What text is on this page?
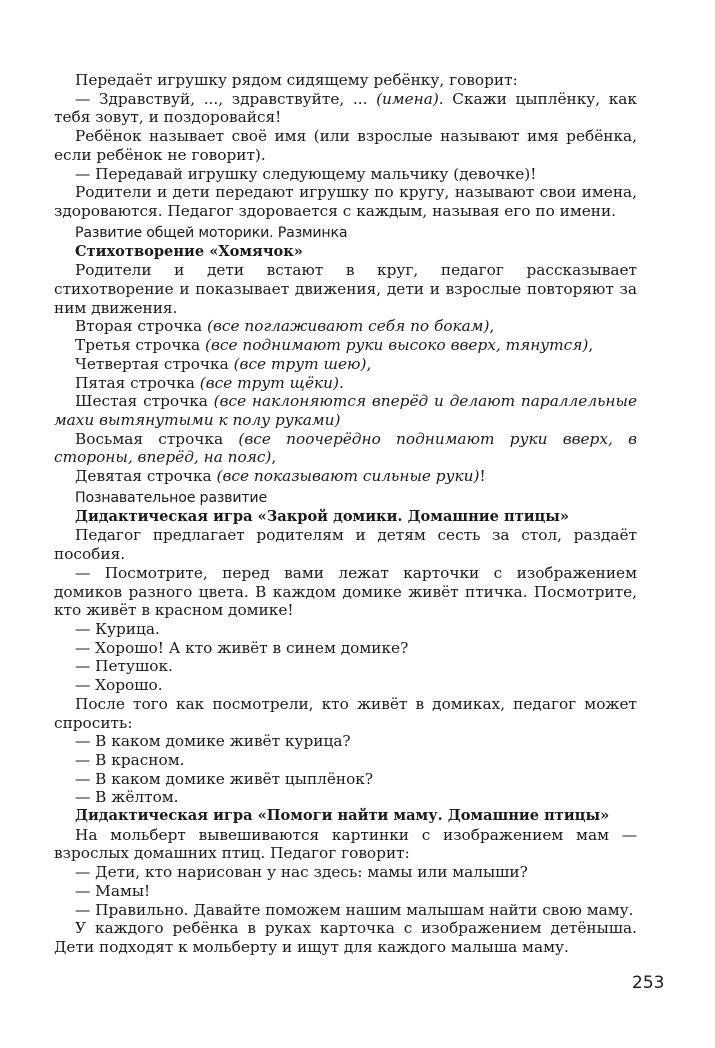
Передаёт игрушку рядом сидящему ребёнку, говорит:

— Здравствуй, ..., здравствуйте, ... (имена). Скажи цыплёнку, как тебя зовут, и поздоровайся!

Ребёнок называет своё имя (или взрослые называют имя ребёнка, если ребёнок не говорит).

— Передавай игрушку следующему мальчику (девочке)!

Родители и дети передают игрушку по кругу, называют свои имена, здороваются. Педагог здоровается с каждым, называя его по имени.

Развитие общей моторики. Разминка

Стихотворение «Хомячок»

Родители и дети встают в круг, педагог рассказывает стихотворение и показывает движения, дети и взрослые повторяют за ним движения.

Вторая строчка (все поглаживают себя по бокам),

Третья строчка (все поднимают руки высоко вверх, тянутся),

Четвертая строчка (все трут шею),

Пятая строчка (все трут щёки).

Шестая строчка (все наклоняются вперёд и делают параллельные махи вытянутыми к полу руками)

Восьмая строчка (все поочерёдно поднимают руки вверх, в стороны, вперёд, на пояс),

Девятая строчка (все показывают сильные руки)!

Познавательное развитие

Дидактическая игра «Закрой домики. Домашние птицы»

Педагог предлагает родителям и детям сесть за стол, раздаёт пособия.

— Посмотрите, перед вами лежат карточки с изображением домиков разного цвета. В каждом домике живёт птичка. Посмотрите, кто живёт в красном домике!

— Курица.

— Хорошо! А кто живёт в синем домике?

— Петушок.

— Хорошо.

После того как посмотрели, кто живёт в домиках, педагог может спросить:

— В каком домике живёт курица?

— В красном.

— В каком домике живёт цыплёнок?

— В жёлтом.

Дидактическая игра «Помоги найти маму. Домашние птицы»

На мольберт вывешиваются картинки с изображением мам — взрослых домашних птиц. Педагог говорит:

— Дети, кто нарисован у нас здесь: мамы или малыши?

— Мамы!

— Правильно. Давайте поможем нашим малышам найти свою маму.

У каждого ребёнка в руках карточка с изображением детёныша. Дети подходят к мольберту и ищут для каждого малыша маму.

253
